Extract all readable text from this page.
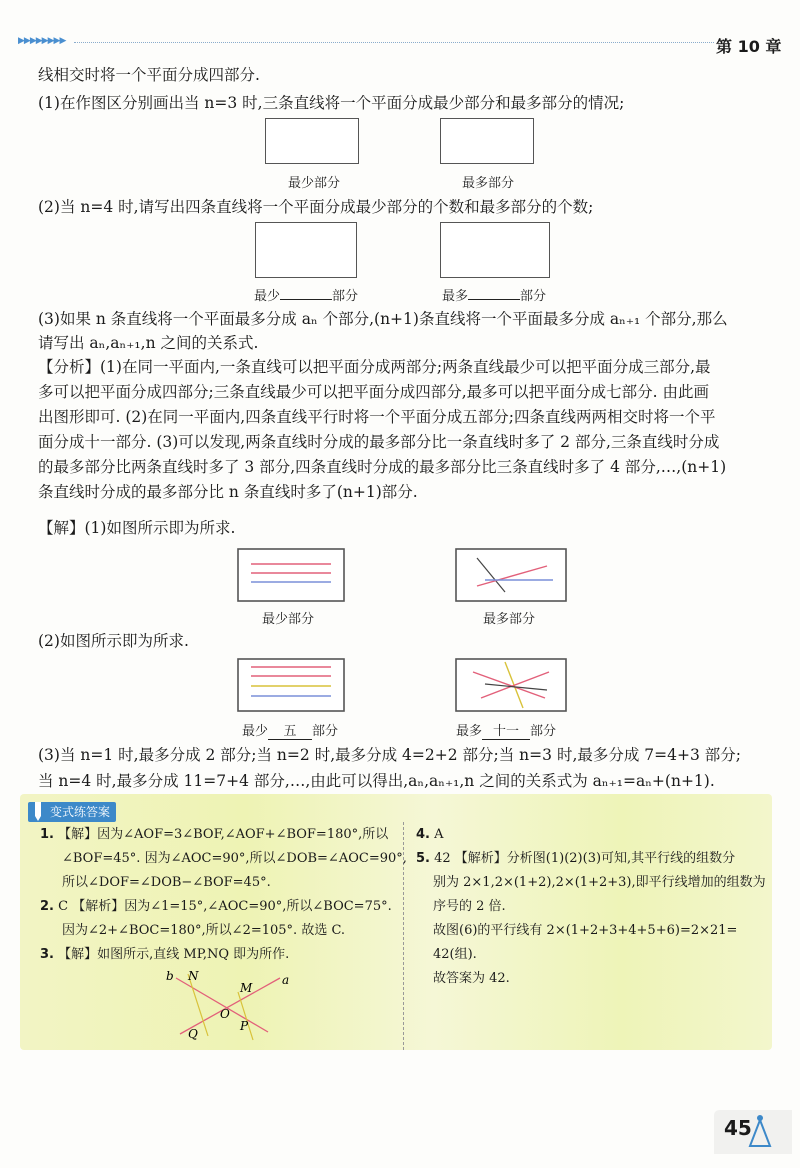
▶▶▶▶▶▶▶▶	第 10 章
线相交时将一个平面分成四部分.
(1)在作图区分别画出当 n=3 时,三条直线将一个平面分成最少部分和最多部分的情况;
最少部分	最多部分
(2)当 n=4 时,请写出四条直线将一个平面分成最少部分的个数和最多部分的个数;
最少	部分	最多	部分
(3)如果 n 条直线将一个平面最多分成 aₙ 个部分,(n+1)条直线将一个平面最多分成 aₙ₊₁ 个部分,那么
请写出 aₙ,aₙ₊₁,n 之间的关系式.
【分析】(1)在同一平面内,一条直线可以把平面分成两部分;两条直线最少可以把平面分成三部分,最
多可以把平面分成四部分;三条直线最少可以把平面分成四部分,最多可以把平面分成七部分. 由此画
出图形即可. (2)在同一平面内,四条直线平行时将一个平面分成五部分;四条直线两两相交时将一个平
面分成十一部分. (3)可以发现,两条直线时分成的最多部分比一条直线时多了 2 部分,三条直线时分成
的最多部分比两条直线时多了 3 部分,四条直线时分成的最多部分比三条直线时多了 4 部分,…,(n+1)
条直线时分成的最多部分比 n 条直线时多了(n+1)部分.
【解】(1)如图所示即为所求.
最少部分	最多部分
(2)如图所示即为所求.
最少 五 部分	最多 十一 部分
(3)当 n=1 时,最多分成 2 部分;当 n=2 时,最多分成 4=2+2 部分;当 n=3 时,最多分成 7=4+3 部分;
当 n=4 时,最多分成 11=7+4 部分,…,由此可以得出,aₙ,aₙ₊₁,n 之间的关系式为 aₙ₊₁=aₙ+(n+1).
变式练答案
1. 【解】因为∠AOF=3∠BOF,∠AOF+∠BOF=180°,所以
∠BOF=45°. 因为∠AOC=90°,所以∠DOB=∠AOC=90°,
所以∠DOF=∠DOB−∠BOF=45°.
2. C 【解析】因为∠1=15°,∠AOC=90°,所以∠BOC=75°.
因为∠2+∠BOC=180°,所以∠2=105°. 故选 C.
3. 【解】如图所示,直线 MP,NQ 即为所作.
b N
M
a
O
Q
P
4. A
5. 42 【解析】分析图(1)(2)(3)可知,其平行线的组数分
别为 2×1,2×(1+2),2×(1+2+3),即平行线增加的组数为
序号的 2 倍.
故图(6)的平行线有 2×(1+2+3+4+5+6)=2×21=
42(组).
故答案为 42.
45
